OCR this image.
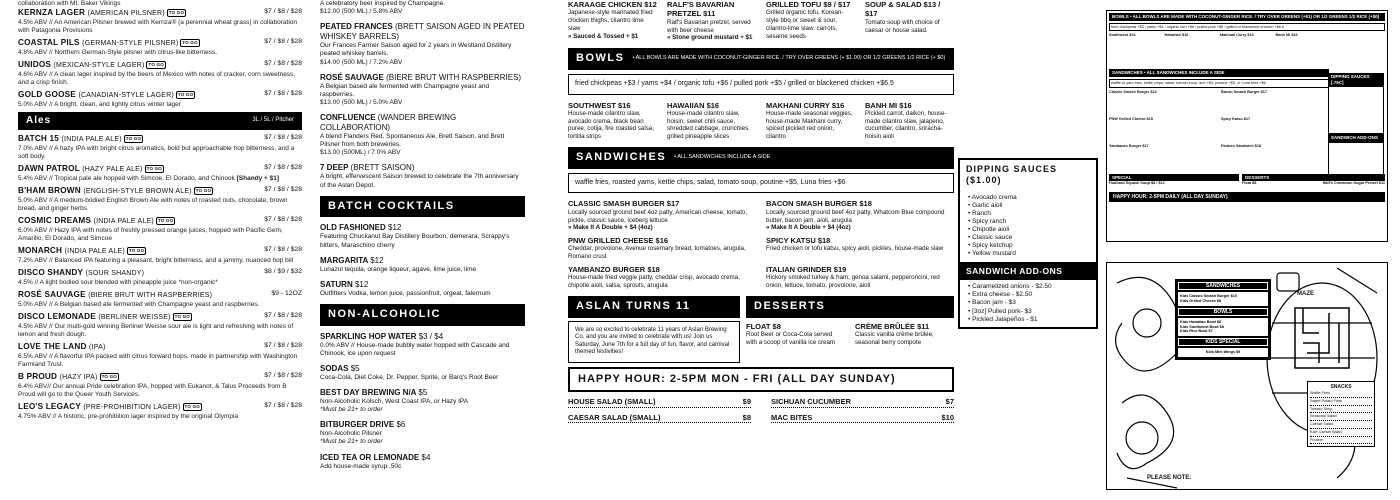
collaboration with Mt. Baker Vikings
KERNZA LAGER (AMERICAN PILSNER) TO GO	$7 / $8 / $28
4.5% ABV // An American Pilsner brewed with Kernza® (a perennial wheat grass) in collaboration with Patagonia Provisions
COASTAL PILS (GERMAN-STYLE PILSNER) TO GO	$7 / $8 / $28
4.8% ABV // Northern German-Style pilsner with citrus-like bitterness.
UNIDOS (MEXICAN-STYLE LAGER) TO GO	$7 / $8 / $28
4.6% ABV // A clean lager inspired by the beers of Mexico with notes of cracker, corn sweetness, and a crisp finish.
GOLD GOOSE (CANADIAN-STYLE LAGER) TO GO	$7 / $8 / $28
5.0% ABV // A bright, clean, and lightly citrus winter lager
Ales	3L / 5L / Pitcher
BATCH 15 (INDIA PALE ALE) TO GO	$7 / $8 / $28
7.0% ABV // A hazy IPA with bright citrus aromatics, bold but approachable hop bitterness, and a soft body.
DAWN PATROL (HAZY PALE ALE) TO GO	$7 / $8 / $28
5.4% ABV // Tropical pale ale hopped with Simcoe, El Dorado, and Chinook [Shandy + $1]
B'HAM BROWN (ENGLISH-STYLE BROWN ALE) TO GO	$7 / $8 / $28
5.0% ABV // A medium-bodied English Brown Ale with notes of roasted nuts, chocolate, brown bread, and ginger herbs
COSMIC DREAMS (INDIA PALE ALE) TO GO	$7 / $8 / $28
6.0% ABV // Hazy IPA with notes of freshly pressed orange juices, hopped with Pacific Gem, Amarillo, El Dorado, and Simcoe
MONARCH (INDIA PALE ALE) TO GO	$7 / $8 / $28
7.2% ABV // Balanced IPA featuring a pleasant, bright bitterness, and a jammy, nuanced hop bill
DISCO SHANDY (SOUR SHANDY)	$8 / $9 / $32
4.5% // A light bodied sour blended with pineapple juice *non-organic*
ROSÉ SAUVAGE (BIERE BRUT WITH RASPBERRIES)	$9 - 12OZ
5.0% ABV // A Belgian based ale fermented with Champagne yeast and raspberries.
DISCO LEMONADE (BERLINER WEISSE) TO GO	$7 / $8 / $28
4.5% ABV // Our multi-gold winning Berliner Weisse sour ale is light and refreshing with notes of lemon and fresh dough.
LOVE THE LAND (IPA)	$7 / $8 / $28
6.5% ABV // A flavorful IPA packed with citrus forward hops, made in partnership with Washington Farmland Trust.
B PROUD (HAZY IPA) TO GO	$7 / $8 / $28
6.4% ABV// Our annual Pride celebration IPA, hopped with Eukanot, & Talus Proceeds from B Proud will go to the Queer Youth Services.
LEO'S LEGACY (PRE-PROHIBITION LAGER) TO GO	$7 / $8 / $28
4.75% ABV // A historic, pre-prohibition lager inspired by the original Olympia
A celebratory beer inspired by Champagne.
$12.00 (500 ML) / 5.8% ABV
PEATED FRANCES (BRETT SAISON AGED IN PEATED WHISKEY BARRELS)
Our Frances Farmer Saison aged for 2 years in Westland Distillery peated whiskey barrels.
$14.00 (500 ML) / 7.2% ABV
ROSÉ SAUVAGE (BIERE BRUT WITH RASPBERRIES)
A Belgian based ale fermented with Champagne yeast and raspberries.
$13.00 (500 ML) / 5.0% ABV
CONFLUENCE (WANDER BREWING COLLABORATION)
A blend Flanders Red, Spontaneous Ale, Brett Saison, and Brett Pilsner from both breweries.
$13.00 (500ML) / 7.0% ABV
7 DEEP (BRETT SAISON)
A bright, effervescent Saison brewed to celebrate the 7th anniversary of the Aslan Depot.
BATCH COCKTAILS
OLD FASHIONED $12
Featuring Chuckanut Bay Distillery Bourbon, demerara, Scrappy's bitters, Maraschino cherry
MARGARITA $12
Lunazul tequila, orange liqueur, agave, lime juice, lime
SATURN $12
Outfitters Vodka, lemon juice, passionfruit, orgeat, falernum
NON-ALCOHOLIC
SPARKLING HOP WATER $3 / $4
0.0% ABV // House-made bubbly water hopped with Cascade and Chinook, ice upon request
SODAS $5
Coca-Cola, Diet Coke, Dr. Pepper, Sprite, or Barq's Root Beer
BEST DAY BREWING N/A $5
Non-Alcoholic Kolsch, West Coast IPA, or Hazy IPA
*Must be 21+ to order
BITBURGER DRIVE $6
Non-Alcoholic Pilsner
*Must be 21+ to order
ICED TEA OR LEMONADE $4
Add house-made syrup .50c
KARAAGE CHICKEN $12
Japanese-style marinated fried chicken thighs, cilantro lime slaw
» Sauced & Tossed + $1
RALF'S BAVARIAN PRETZEL $11
Ralf's Bavarian pretzel, served with beer cheese
» Stone ground mustard + $1
GRILLED TOFU $9 / $17
Grilled organic tofu, Korean-style bbq or sweet & sour, cilantro-lime slaw, carrots, sesame seeds
SOUP & SALAD $13 / $17
Tomato soup with choice of caesar or house salad.
BOWLS • ALL BOWLS ARE MADE WITH COCONUT-GINGER RICE. / TRY OVER GREENS (+ $1.00) OR 1/2 GREENS 1/2 RICE (+ $0)
fried chickpeas +$3 / yams +$4 / organic tofu +$6 / pulled pork +$5 / grilled or blackened chicken +$6.5
SOUTHWEST $16
House-made cilantro slaw, avocado crema, black bean puree, cotija, fire roasted salsa, tortilla strips
HAWAIIAN $16
House-made cilantro slaw, hoisin, sweet chili sauce, shredded cabbage, crunchies, grilled pineapple slices
MAKHANI CURRY $16
House-made seasonal veggies, house-made Makhani curry, spiced pickled red onion, cilantro
BANH MI $16
Pickled carrot, daikon, house-made cilantro slaw, jalapeno, cucumber, cilantro, sriracha-hoisin aioli
SANDWICHES • ALL SANDWICHES INCLUDE A SIDE
waffle fries, roasted yams, kettle chips, salad, tomato soup, poutine +$5, Luna fries +$6
CLASSIC SMASH BURGER $17
Locally sourced ground beef 4oz patty, American cheese, tomato, pickle, classic sauce, iceberg lettuce
» Make It A Double + $4 (4oz)
BACON SMASH BURGER $18
Locally sourced ground beef 4oz patty, Whatcom Blue compound butter, bacon jam, aioli, arugula
» Make It A Double + $4 (4oz)
PNW GRILLED CHEESE $16
Cheddar, provolone, Avenue rosemary bread, tomatoes, arugula, Romano crust
SPICY KATSU $18
Fried chicken or tofu katsu, spicy aioli, pickles, house-made slaw
YAMBANZO BURGER $18
House-made fried veggie patty, cheddar crisp, avocado crema, chipotle aioli, salsa, sprouts, arugula
ITALIAN GRINDER $19
Hickory smoked turkey & ham, genoa salami, pepperoncini, red onion, lettuce, tomato, provolone, aioli
ASLAN TURNS 11
We are so excited to celebrate 11 years of Aslan Brewing Co. and you are invited to celebrate with us! Join us Saturday, June 7th for a full day of fun, flavor, and carnival themed festivities!
DESSERTS
FLOAT $8
Root Beer or Coca-Cola served with a scoop of vanilla ice cream
CRÈME BRÛLÉE $11
Classic vanilla crème brûlée, seasonal berry compote
HAPPY HOUR: 2-5PM MON - FRI (ALL DAY SUNDAY)
HOUSE SALAD (SMALL)	$9	SICHUAN CUCUMBER	$7
CAESAR SALAD (SMALL)	$8	MAC BITES	$10
DIPPING SAUCES ($1.00)
• Avocado crema
• Garlic aioli
• Ranch
• Spicy ranch
• Chipotle aioli
• Classic sauce
• Spicy ketchup
• Yellow mustard
SANDWICH ADD-ONS
• Caramelized onions - $2.50
• Extra cheese - $2.50
• Bacon jam - $3
• [3oz] Pulled pork- $3
• Pickled Jalapeños - $1
BOWLS • ALL BOWLS ARE MADE WITH COCONUT-GINGER RICE. / TRY OVER GREENS (+$1) OR 1/2 GREENS 1/2 RICE (+$0)
fried chickpeas +$3 / yams +$4 / organic tofu +$6 / pulled pork +$5 / grilled or blackened chicken +$6.5
Southwest $16	Hawaiian $16	Makhani Curry $16	Banh Mi $16
DIPPING SAUCES [.75C]
SANDWICH ADD-ONS
SANDWICHES • ALL SANDWICHES INCLUDE A SIDE
waffle or yam fries, kettle chips, salad, tomato soup, and +$4, poutine +$5, or Luna fries +$6
Classic Smash Burger $16	Bacon Smash Burger $17
PNW Grilled Cheese $15	Spicy Katsu $17
Yambanzo Burger $17	Reuben Sandwich $18
SPECIAL
Hubbard Squash Soup $8 / $12
DESSERTS
Float $8	Ralf's Cinnamon Sugar Pretzel $11
HAPPY HOUR: 2-5PM DAILY (ALL DAY SUNDAY)
SANDWICHES
Kids Classic Smash Burger $10
Kids Grilled Cheese $8
BOWLS
Kids Hawaiian Bowl $8
Kids Southwest Bowl $8
Kids Rice Bowl $7
KIDS SPECIAL
Kids Mini Wings $9
MAZE
SNACKS
Waffle Fries
Sweet Potato Fries
Tomato Soup
Seasonal Salad
Caesar Salad
Kale Caesar Salad
Poutine
PLEASE NOTE:
